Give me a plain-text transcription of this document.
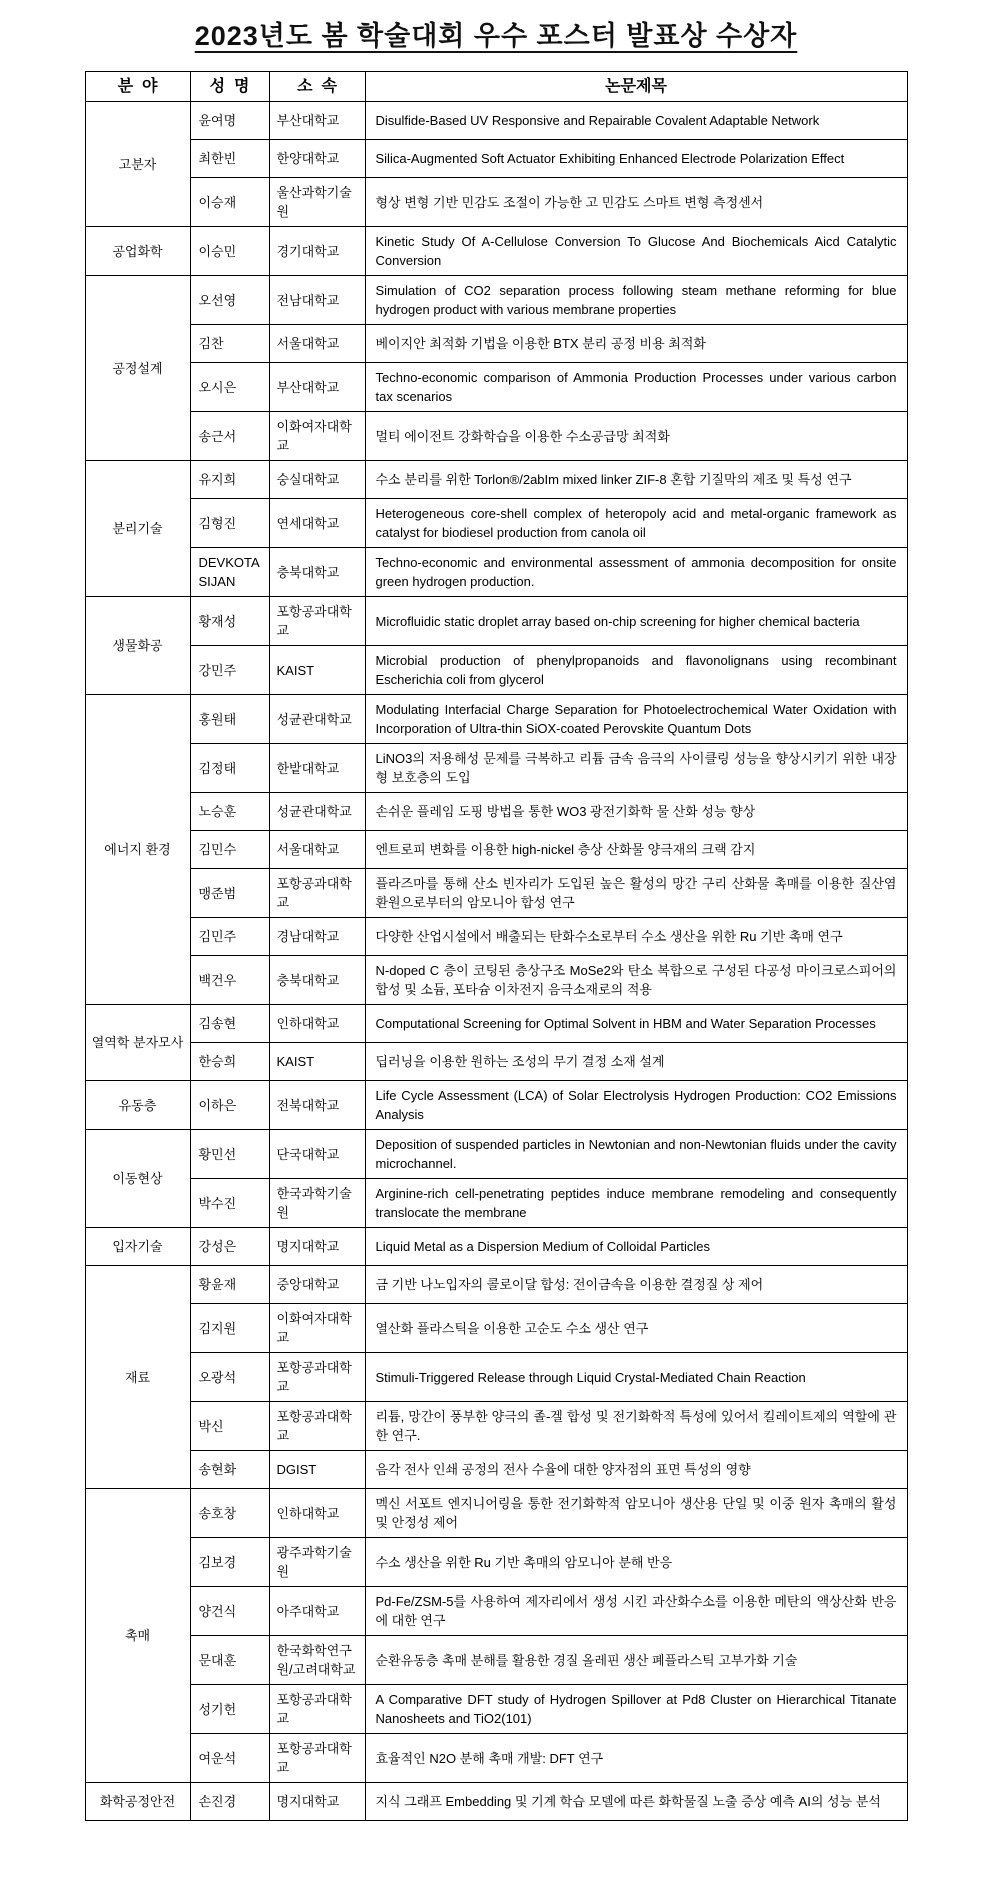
2023년도 봄 학술대회 우수 포스터 발표상 수상자
분  야	성  명	소  속	논문제목
고분자	윤여명	부산대학교	Disulfide-Based UV Responsive and Repairable Covalent Adaptable Network
	최한빈	한양대학교	Silica-Augmented Soft Actuator Exhibiting Enhanced Electrode Polarization Effect
	이승재	울산과학기술원	형상 변형 기반 민감도 조절이 가능한 고 민감도 스마트 변형 측정센서
공업화학	이승민	경기대학교	Kinetic Study Of A-Cellulose Conversion To Glucose And Biochemicals Aicd Catalytic Conversion
공정설계	오선영	전남대학교	Simulation of CO2 separation process following steam methane reforming for blue hydrogen product with various membrane properties
	김찬	서울대학교	베이지안 최적화 기법을 이용한 BTX 분리 공정 비용 최적화
	오시은	부산대학교	Techno-economic comparison of Ammonia Production Processes under various carbon tax scenarios
	송근서	이화여자대학교	멀티 에이전트 강화학습을 이용한 수소공급망 최적화
분리기술	유지희	숭실대학교	수소 분리를 위한 Torlon®/2abIm mixed linker ZIF-8 혼합 기질막의 제조 및 특성 연구
	김형진	연세대학교	Heterogeneous core-shell complex of heteropoly acid and metal-organic framework as catalyst for biodiesel production from canola oil
	DEVKOTA SIJAN	충북대학교	Techno-economic and environmental assessment of ammonia decomposition for onsite green hydrogen production.
생물화공	황재성	포항공과대학교	Microfluidic static droplet array based on-chip screening for higher chemical bacteria
	강민주	KAIST	Microbial production of phenylpropanoids and flavonolignans using recombinant Escherichia coli from glycerol
에너지 환경	홍원태	성균관대학교	Modulating Interfacial Charge Separation for Photoelectrochemical Water Oxidation with Incorporation of Ultra-thin SiOX-coated Perovskite Quantum Dots
	김정태	한밭대학교	LiNO3의 저용해성 문제를 극복하고 리튬 금속 음극의 사이클링 성능을 향상시키기 위한 내장형 보호층의 도입
	노승훈	성균관대학교	손쉬운 플레임 도핑 방법을 통한 WO3 광전기화학 물 산화 성능 향상
	김민수	서울대학교	엔트로피 변화를 이용한 high-nickel 층상 산화물 양극재의 크랙 감지
	맹준범	포항공과대학교	플라즈마를 통해 산소 빈자리가 도입된 높은 활성의 망간 구리 산화물 촉매를 이용한 질산염 환원으로부터의 암모니아 합성 연구
	김민주	경남대학교	다양한 산업시설에서 배출되는 탄화수소로부터 수소 생산을 위한 Ru 기반 촉매 연구
	백건우	충북대학교	N-doped C 층이 코팅된 층상구조 MoSe2와 탄소 복합으로 구성된 다공성 마이크로스피어의 합성 및 소듐, 포타슘 이차전지 음극소재로의 적용
열역학 분자모사	김송현	인하대학교	Computational Screening for Optimal Solvent in HBM and Water Separation Processes
	한승희	KAIST	딥러닝을 이용한 원하는 조성의 무기 결정 소재 설계
유동층	이하은	전북대학교	Life Cycle Assessment (LCA) of Solar Electrolysis Hydrogen Production: CO2 Emissions Analysis
이동현상	황민선	단국대학교	Deposition of suspended particles in Newtonian and non-Newtonian fluids under the cavity microchannel.
	박수진	한국과학기술원	Arginine-rich cell-penetrating peptides induce membrane remodeling and consequently translocate the membrane
입자기술	강성은	명지대학교	Liquid Metal as a Dispersion Medium of Colloidal Particles
재료	황윤재	중앙대학교	금 기반 나노입자의 콜로이달 합성: 전이금속을 이용한 결정질 상 제어
	김지원	이화여자대학교	열산화 플라스틱을 이용한 고순도 수소 생산 연구
	오광석	포항공과대학교	Stimuli-Triggered Release through Liquid Crystal-Mediated Chain Reaction
	박신	포항공과대학교	리튬, 망간이 풍부한 양극의 졸-겔 합성 및 전기화학적 특성에 있어서 킬레이트제의 역할에 관한 연구.
	송현화	DGIST	음각 전사 인쇄 공정의 전사 수율에 대한 양자점의 표면 특성의 영향
촉매	송호창	인하대학교	멕신 서포트 엔지니어링을 통한 전기화학적 암모니아 생산용 단일 및 이중 원자 촉매의 활성 및 안정성 제어
	김보경	광주과학기술원	수소 생산을 위한 Ru 기반 촉매의 암모니아 분해 반응
	양건식	아주대학교	Pd-Fe/ZSM-5를 사용하여 제자리에서 생성 시킨 과산화수소를 이용한 메탄의 액상산화 반응에 대한 연구
	문대훈	한국화학연구원/고려대학교	순환유동층 촉매 분해를 활용한 경질 올레핀 생산 폐플라스틱 고부가화 기술
	성기헌	포항공과대학교	A Comparative DFT study of Hydrogen Spillover at Pd8 Cluster on Hierarchical Titanate Nanosheets and TiO2(101)
	여운석	포항공과대학교	효율적인 N2O 분해 촉매 개발: DFT 연구
화학공정안전	손진경	명지대학교	지식 그래프 Embedding 및 기계 학습 모델에 따른 화학물질 노출 증상 예측 AI의 성능 분석
